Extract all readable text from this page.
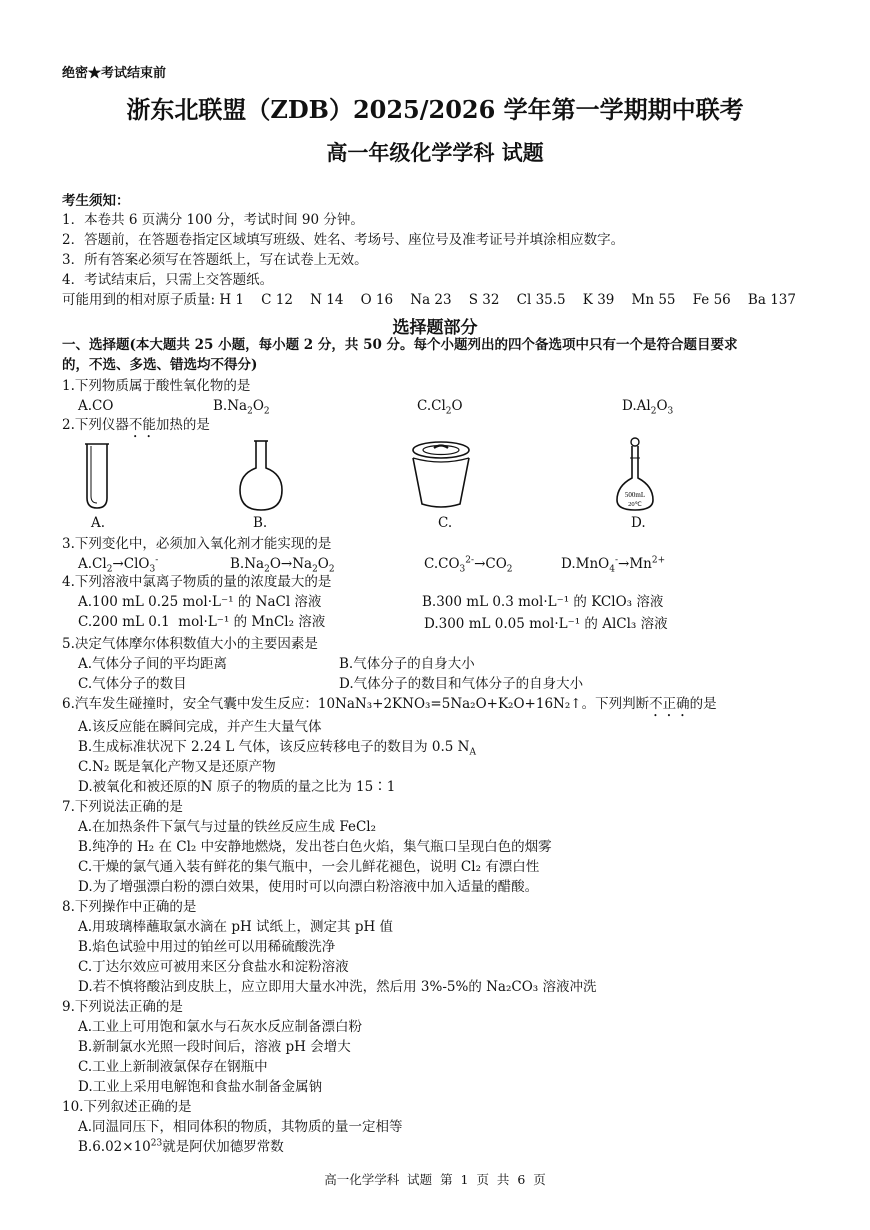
绝密★考试结束前
浙东北联盟（ZDB）2025/2026 学年第一学期期中联考
高一年级化学学科 试题
考生须知：
1．本卷共 6 页满分 100 分，考试时间 90 分钟。
2．答题前，在答题卷指定区域填写班级、姓名、考场号、座位号及准考证号并填涂相应数字。
3．所有答案必须写在答题纸上，写在试卷上无效。
4．考试结束后，只需上交答题纸。
可能用到的相对原子质量: H 1    C 12    N 14    O 16    Na 23    S 32    Cl 35.5    K 39    Mn 55    Fe 56    Ba 137
选择题部分
一、选择题(本大题共 25 小题，每小题 2 分，共 50 分。每个小题列出的四个备选项中只有一个是符合题目要求
的，不选、多选、错选均不得分)
1.下列物质属于酸性氧化物的是
A.CO	$B.Na_2O_2$	$C.Cl_2O$	$D.Al_2O_3$
2.下列仪器不能加热的是
500mL
20℃
A.	B.	C.	D.
3.下列变化中，必须加入氧化剂才能实现的是
$A.Cl_2\to ClO_3^-$	$B.Na_2O\to Na_2O_2$	$C.CO_3^{2-}\to CO_2$	$D.MnO_4^-\to Mn^{2+}$
4.下列溶液中氯离子物质的量的浓度最大的是
A.100 mL 0.25 mol·L⁻¹ 的 NaCl 溶液	B.300 mL 0.3 mol·L⁻¹ 的 KClO₃ 溶液
C.200 mL 0.1  mol·L⁻¹ 的 MnCl₂ 溶液	D.300 mL 0.05 mol·L⁻¹ 的 AlCl₃ 溶液
5.决定气体摩尔体积数值大小的主要因素是
A.气体分子间的平均距离	B.气体分子的自身大小
C.气体分子的数目	D.气体分子的数目和气体分子的自身大小
6.汽车发生碰撞时，安全气囊中发生反应：10NaN₃+2KNO₃=5Na₂O+K₂O+16N₂↑。下列判断不正确的是
A.该反应能在瞬间完成，并产生大量气体
B.生成标准状况下 2.24 L 气体，该反应转移电子的数目为 0.5 $N_A$
C.N₂ 既是氧化产物又是还原产物
D.被氧化和被还原的N 原子的物质的量之比为 15∶1
7.下列说法正确的是
A.在加热条件下氯气与过量的铁丝反应生成 FeCl₂
B.纯净的 H₂ 在 Cl₂ 中安静地燃烧，发出苍白色火焰，集气瓶口呈现白色的烟雾
C.干燥的氯气通入装有鲜花的集气瓶中，一会儿鲜花褪色，说明 Cl₂ 有漂白性
D.为了增强漂白粉的漂白效果，使用时可以向漂白粉溶液中加入适量的醋酸。
8.下列操作中正确的是
A.用玻璃棒蘸取氯水滴在 pH 试纸上，测定其 pH 值
B.焰色试验中用过的铂丝可以用稀硫酸洗净
C.丁达尔效应可被用来区分食盐水和淀粉溶液
D.若不慎将酸沾到皮肤上，应立即用大量水冲洗，然后用 3%-5%的 Na₂CO₃ 溶液冲洗
9.下列说法正确的是
A.工业上可用饱和氯水与石灰水反应制备漂白粉
B.新制氯水光照一段时间后，溶液 pH 会增大
C.工业上新制液氯保存在钢瓶中
D.工业上采用电解饱和食盐水制备金属钠
10.下列叙述正确的是
A.同温同压下，相同体积的物质，其物质的量一定相等
$B.6.02\times 10^{23}$就是阿伏加德罗常数
高一化学学科  试题  第  1  页  共  6  页
